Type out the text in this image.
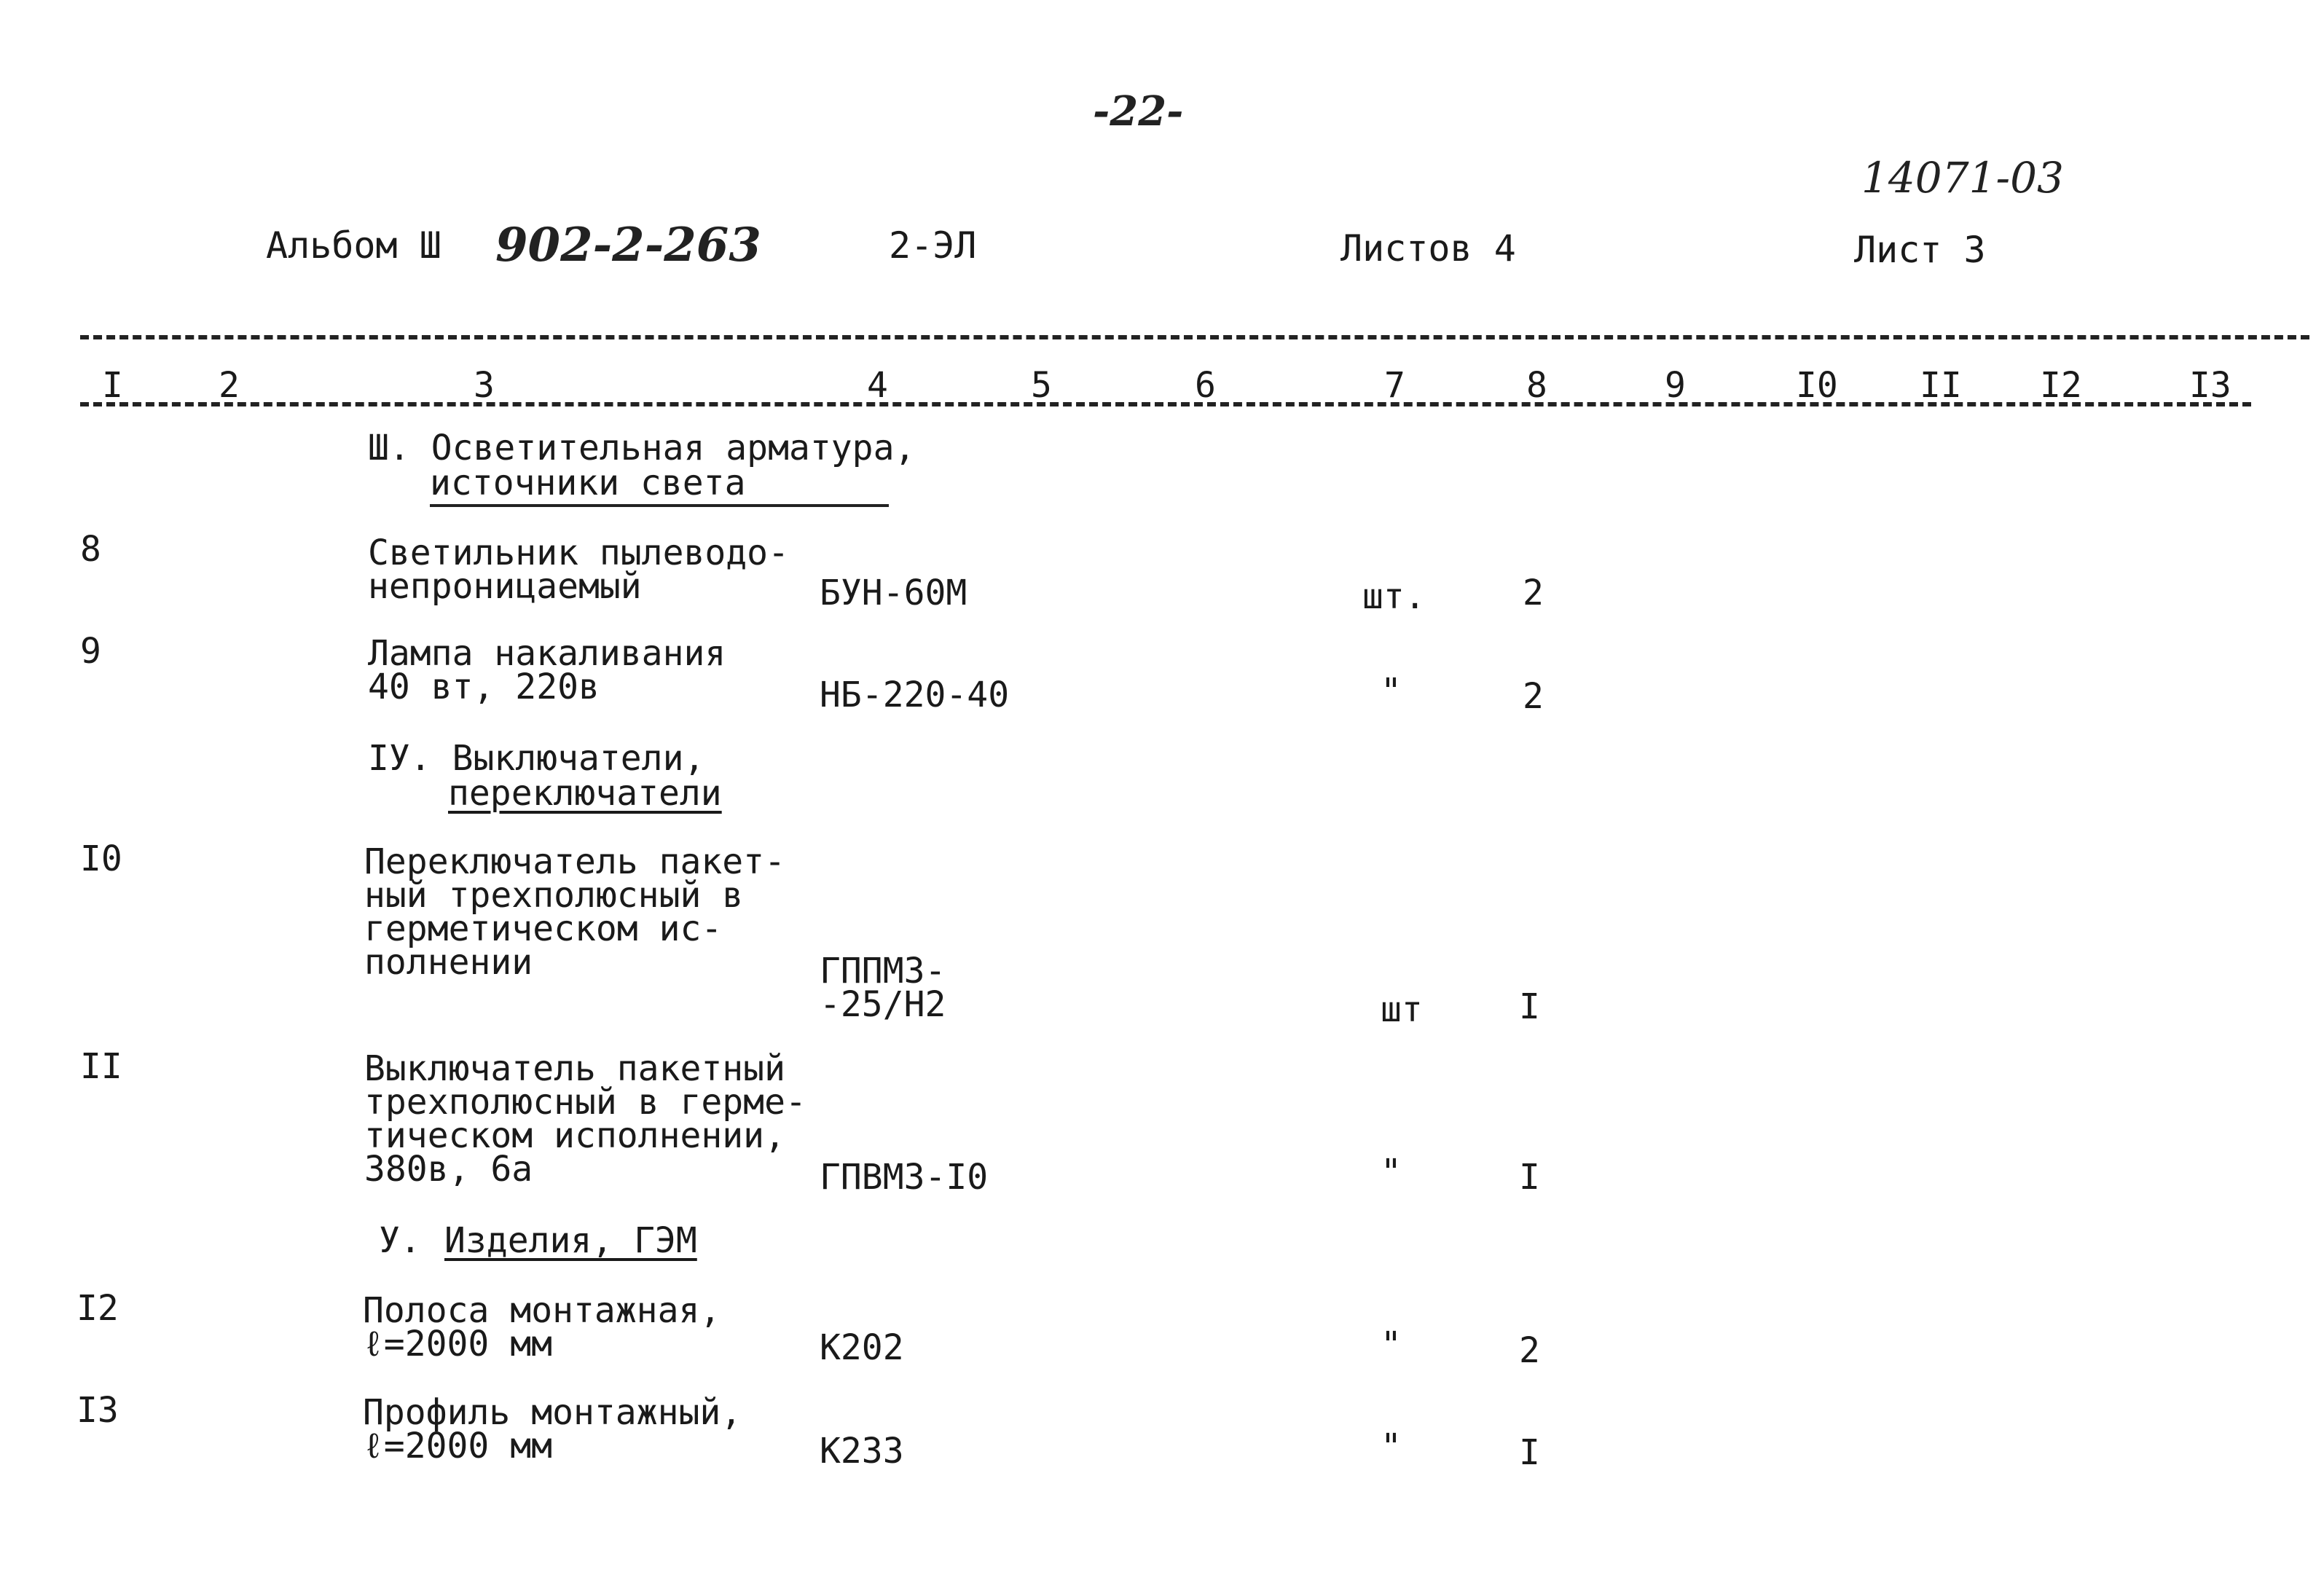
-22-
14071-03
Альбом Ш 902-2-263	2-ЭЛ	Листов 4	Лист 3
I	2	3	4	5	6	7	8	9	I0 II I2	I3
Ш. Осветительная арматура,
источники света
8	Светильник пылеводо-
непроницаемый	БУН-60М	шт.	2
9	Лампа накаливания
40 вт, 220в	НБ-220-40	"	2
IУ. Выключатели,
переключатели
I0	Переключатель пакет-
ный трехполюсный в
герметическом ис-
полнении	ГППМЗ-
-25/Н2	шт	I
II	Выключатель пакетный
трехполюсный в герме-
тическом исполнении,
380в, 6а	ГПВМЗ-I0	"	I
У. Изделия, ГЭМ
I2	Полоса монтажная,
ℓ=2000 мм	К202	"	2
I3	Профиль монтажный,
ℓ=2000 мм	К233	"	I
